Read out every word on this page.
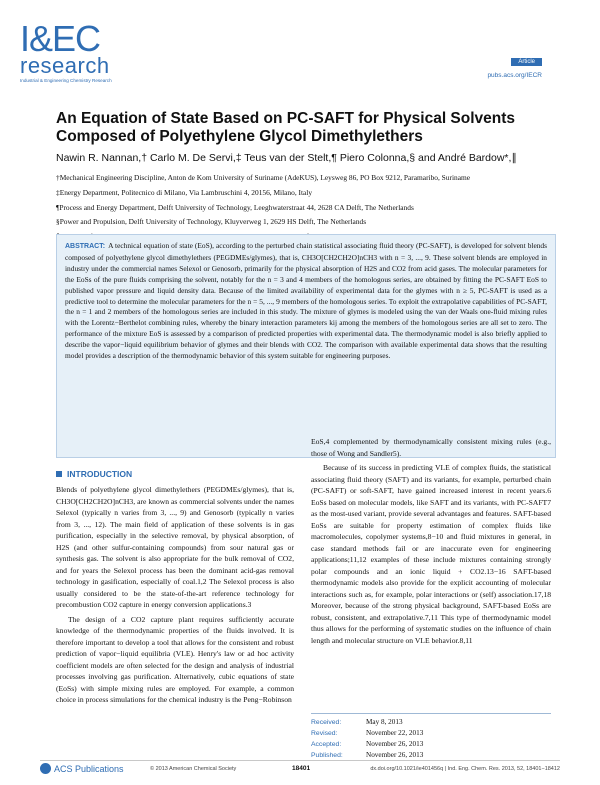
I&EC
research
Industrial & Engineering Chemistry Research
Article
pubs.acs.org/IECR
An Equation of State Based on PC-SAFT for Physical Solvents Composed of Polyethylene Glycol Dimethylethers
Nawin R. Nannan,† Carlo M. De Servi,‡ Teus van der Stelt,¶ Piero Colonna,§ and André Bardow*,∥
†Mechanical Engineering Discipline, Anton de Kom University of Suriname (AdeKUS), Leysweg 86, PO Box 9212, Paramaribo, Suriname
‡Energy Department, Politecnico di Milano, Via Lambruschini 4, 20156, Milano, Italy
¶Process and Energy Department, Delft University of Technology, Leeghwaterstraat 44, 2628 CA Delft, The Netherlands
§Power and Propulsion, Delft University of Technology, Kluyverweg 1, 2629 HS Delft, The Netherlands
ABSTRACT: A technical equation of state (EoS), according to the perturbed chain statistical associating fluid theory (PC-SAFT), is developed for solvent blends composed of polyethylene glycol dimethylethers (PEGDMEs/glymes), that is, CH3O[CH2CH2O]nCH3 with n = 3, ..., 9. These solvent blends are employed in industry under the commercial names Selexol or Genosorb, primarily for the physical absorption of H2S and CO2 from acid gases. The molecular parameters for the EoSs of the pure fluids comprising the solvent, notably for the n = 3 and 4 members of the homologous series, are obtained by fitting the PC-SAFT EoS to published vapor pressure and liquid density data. Because of the limited availability of experimental data for the glymes with n ≥ 5, PC-SAFT is used as a predictive tool to determine the molecular parameters for the n = 5, ..., 9 members of the homologous series. To exploit the extrapolative capabilities of PC-SAFT, the n = 1 and 2 members of the homologous series are included in this study. The mixture of glymes is modeled using the van der Waals one-fluid mixing rules with the Lorentz−Berthelot combining rules, whereby the binary interaction parameters kij among the members of the homologous series are all set to zero. The performance of the mixture EoS is assessed by a comparison of predicted properties with experimental data. The thermodynamic model is also briefly applied to describe the vapor−liquid equilibrium behavior of glymes and their blends with CO2. The comparison with available experimental data shows that the resulting model provides a description of the thermodynamic behavior of this system suitable for engineering purposes.
INTRODUCTION

Blends of polyethylene glycol dimethylethers (PEGDMEs/glymes), that is, CH3O[CH2CH2O]nCH3, are known as commercial solvents under the names Selexol (typically n varies from 3, ..., 9) and Genosorb (typically n varies from 3, ..., 12). The main field of application of these solvents is in gas purification, especially in the selective removal, by physical absorption, of H2S (and other sulfur-containing compounds) from sour natural gas or synthesis gas. The solvent is also appropriate for the bulk removal of CO2, and for years the Selexol process has been the dominant acid-gas removal technology in gasification, especially of coal.1,2 The Selexol process is also usually considered to be the state-of-the-art reference technology for precombustion CO2 capture in energy conversion applications.3

The design of a CO2 capture plant requires sufficiently accurate knowledge of the thermodynamic properties of the fluids involved. It is therefore important to develop a tool that allows for the consistent and robust prediction of vapor−liquid equilibria (VLE). Henry's law or ad hoc activity coefficient models are often selected for the design and analysis of industrial processes involving gas purification. Alternatively, cubic equations of state (EoSs) with simple mixing rules are employed. For example, a common choice in process simulations for the chemical industry is the Peng−Robinson

EoS,4 complemented by thermodynamically consistent mixing rules (e.g., those of Wong and Sandler5).

Because of its success in predicting VLE of complex fluids, the statistical associating fluid theory (SAFT) and its variants, for example, perturbed chain (PC-SAFT) or soft-SAFT, have gained increased interest in recent years.6 EoSs based on molecular models, like SAFT and its variants, with PC-SAFT7 as the most-used variant, provide several advantages and features. SAFT-based EoSs are suitable for property estimation of complex fluids like macromolecules, copolymer systems,8−10 and fluid mixtures in general, in case standard methods fail or are inaccurate even for engineering applications;11,12 examples of these include mixtures containing strongly polar compounds and an ionic liquid + CO2.13−16 SAFT-based thermodynamic models also provide for the explicit accounting of molecular interactions such as, for example, polar interactions or (self) association.17,18 Moreover, because of the strong physical background, SAFT-based EoSs are robust, consistent, and extrapolative.7,11 This type of thermodynamic model thus allows for the performing of systematic studies on the influence of chain length and molecular structure on VLE behavior.8,11

Received:	May 8, 2013
Revised:	November 22, 2013
Accepted:	November 26, 2013
Published:	November 26, 2013
ACS Publications	© 2013 American Chemical Society	18401	dx.doi.org/10.1021/ie401456q | Ind. Eng. Chem. Res. 2013, 52, 18401−18412
